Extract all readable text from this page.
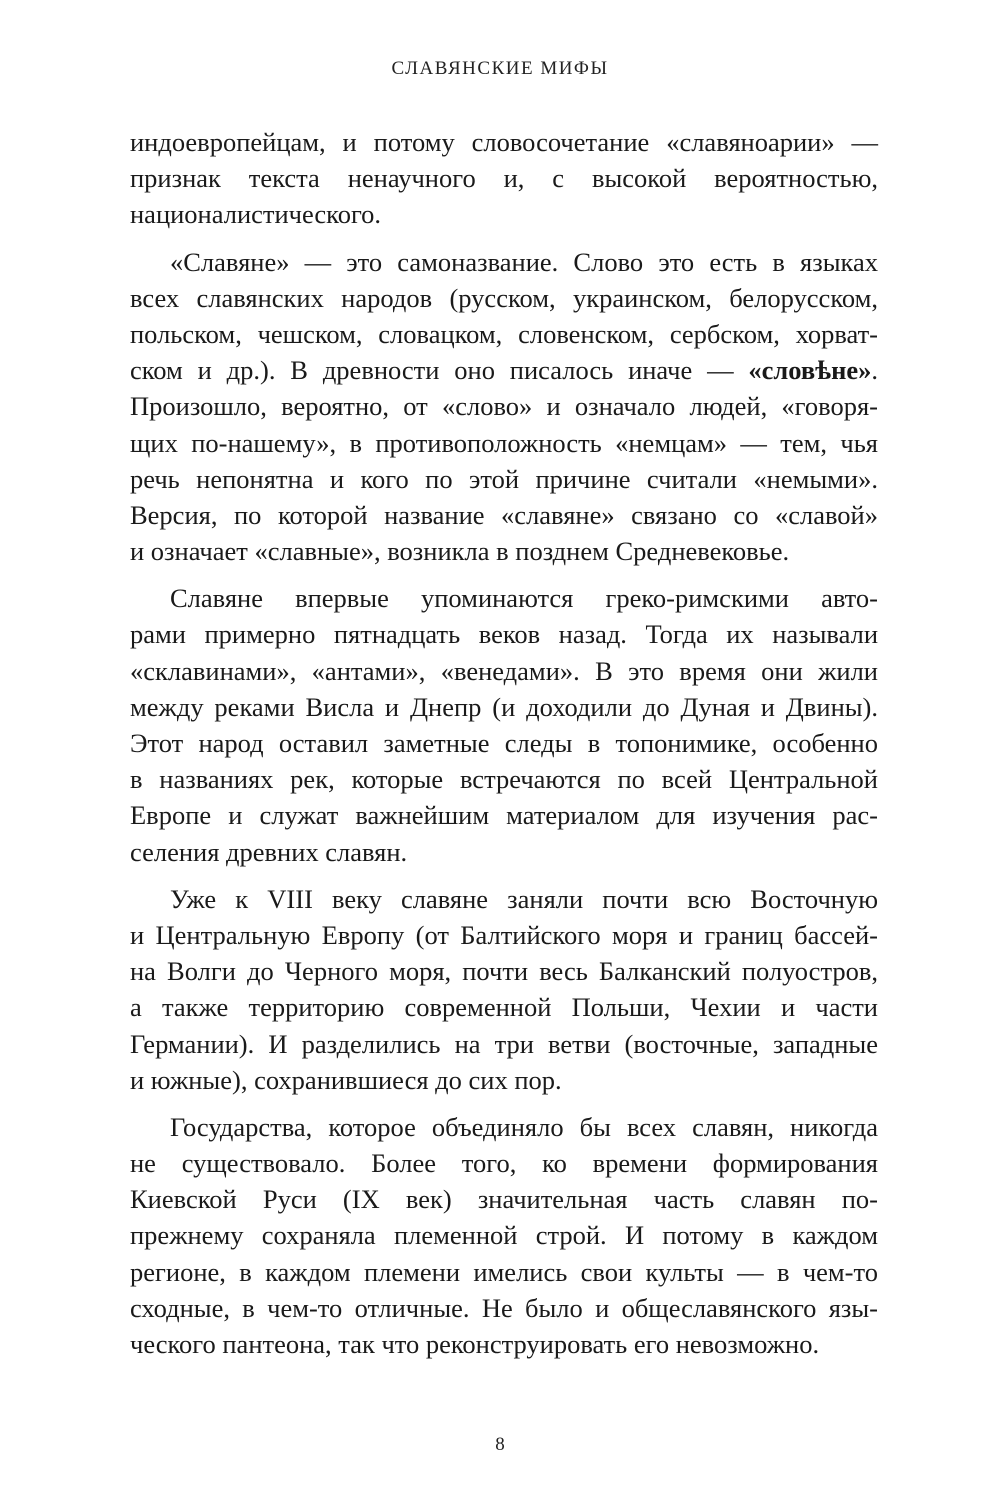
СЛАВЯНСКИЕ МИФЫ
индоевропейцам, и потому словосочетание «славяноарии» —
признак текста ненаучного и, с высокой вероятностью,
националистического.
«Славяне» — это самоназвание. Слово это есть в языках
всех славянских народов (русском, украинском, белорусском,
польском, чешском, словацком, словенском, сербском, хорват-
ском и др.). В древности оно писалось иначе — «словѣне».
Произошло, вероятно, от «слово» и означало людей, «говоря-
щих по-нашему», в противоположность «немцам» — тем, чья
речь непонятна и кого по этой причине считали «немыми».
Версия, по которой название «славяне» связано со «славой»
и означает «славные», возникла в позднем Средневековье.
Славяне впервые упоминаются греко-римскими авто-
рами примерно пятнадцать веков назад. Тогда их называли
«склавинами», «антами», «венедами». В это время они жили
между реками Висла и Днепр (и доходили до Дуная и Двины).
Этот народ оставил заметные следы в топонимике, особенно
в названиях рек, которые встречаются по всей Центральной
Европе и служат важнейшим материалом для изучения рас-
селения древних славян.
Уже к VIII веку славяне заняли почти всю Восточную
и Центральную Европу (от Балтийского моря и границ бассей-
на Волги до Черного моря, почти весь Балканский полуостров,
а также территорию современной Польши, Чехии и части
Германии). И разделились на три ветви (восточные, западные
и южные), сохранившиеся до сих пор.
Государства, которое объединяло бы всех славян, никогда
не существовало. Более того, ко времени формирования
Киевской Руси (IX век) значительная часть славян по-
прежнему сохраняла племенной строй. И потому в каждом
регионе, в каждом племени имелись свои культы — в чем-то
сходные, в чем-то отличные. Не было и общеславянского язы-
ческого пантеона, так что реконструировать его невозможно.
8
